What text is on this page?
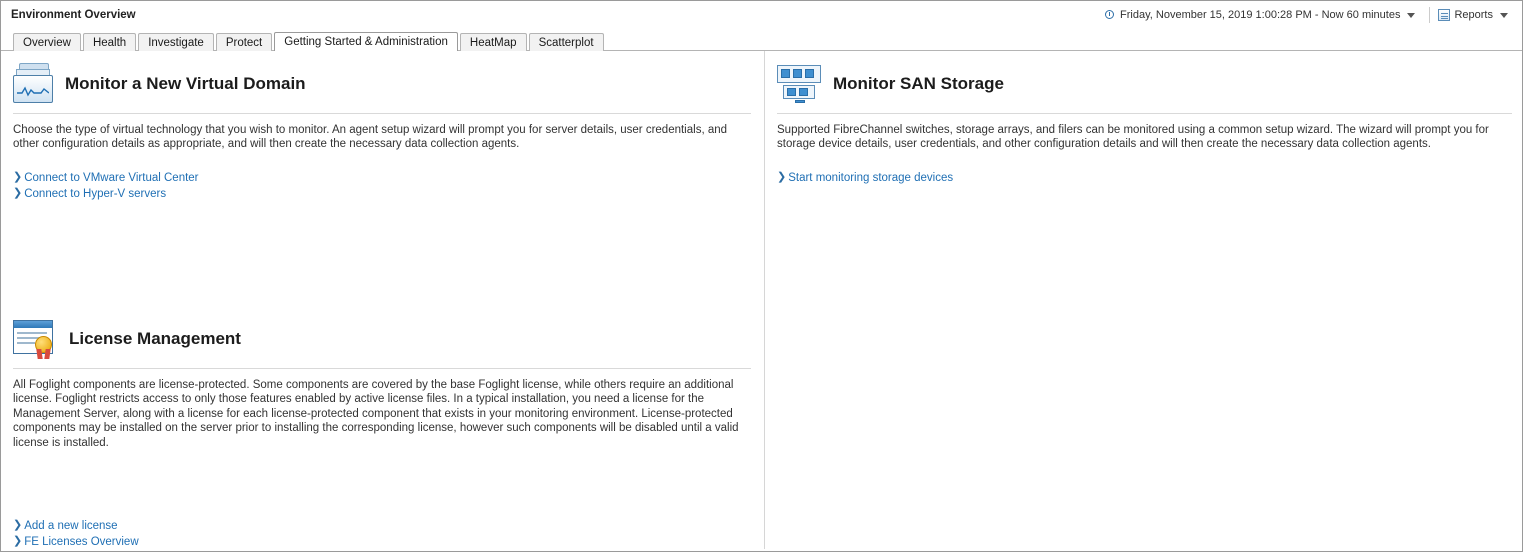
Environment Overview	Friday, November 15, 2019 1:00:28 PM - Now 60 minutes	Reports
Overview	Health	Investigate	Protect	Getting Started & Administration	HeatMap	Scatterplot
Monitor a New Virtual Domain
Choose the type of virtual technology that you wish to monitor. An agent setup wizard will prompt you for server details, user credentials, and other configuration details as appropriate, and will then create the necessary data collection agents.
❯ Connect to VMware Virtual Center
❯ Connect to Hyper-V servers
License Management
All Foglight components are license-protected. Some components are covered by the base Foglight license, while others require an additional license. Foglight restricts access to only those features enabled by active license files. In a typical installation, you need a license for the Management Server, along with a license for each license-protected component that exists in your monitoring environment. License-protected components may be installed on the server prior to installing the corresponding license, however such components will be disabled until a valid license is installed.
❯ Add a new license
❯ FE Licenses Overview
Monitor SAN Storage
Supported FibreChannel switches, storage arrays, and filers can be monitored using a common setup wizard. The wizard will prompt you for storage device details, user credentials, and other configuration details and will then create the necessary data collection agents.
❯ Start monitoring storage devices
